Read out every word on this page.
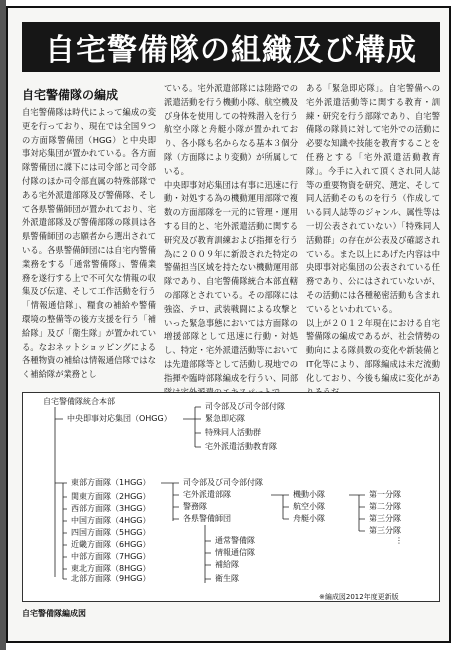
自宅警備隊の組織及び構成
自宅警備隊の編成
自宅警備隊は時代によって編成の変更を行っており、現在では全国９つの方面隊警備団（HGG）と中央即事対応集団が置かれている。各方面隊警備団に諜下には司令部と司令部付隊のほか司令部直属の特殊部隊である宅外派遣部隊及び警備隊、そして各県警備師団が置かれており、宅外派遣部隊及び警備部隊の隊員は各県警備師団の志願者から選出されている。各県警備師団には自宅内警備業務をする「通常警備隊」、警備業務を遂行する上で不可欠な情報の収集及び伝達、そして工作活動を行う「情報通信隊」、糧食の補給や警備環境の整備等の後方支援を行う「補給隊」及び「衛生隊」が置かれている。なおネットショッピングによる各種物資の補給は情報通信隊ではなく補給隊が業務とし
ている。宅外派遣部隊には陸路での派遣活動を行う機動小隊、航空機及び身体を使用しての特殊潜入を行う航空小隊と舟艇小隊が置かれており、各小隊も名からなる基本３個分隊（方面隊により変動）が所属している。
中央即事対応集団は有事に迅速に行動・対処する為の機動運用部隊で複数の方面部隊を一元的に管理・運用する目的と、宅外派遣活動に関する研究及び教育訓練および指揮を行う為に２００９年に新設された特定の警備担当区域を持たない機動運用部隊であり、自宅警備隊統合本部直轄の部隊とされている。その部隊には強盗、テロ、武装戦闘による攻撃といった緊急事態においては方面隊の増援部隊として迅速に行動・対処し、特定・宅外派遣活動等においては先遣部隊等として活動し現地での指揮や臨時部隊編成を行うい、同部
ある「緊急即応隊」。自宅警備への宅外派遣活動等に関する教育・訓練・研究を行う部隊であり、自宅警備隊の隊員に対して宅外での活動に必要な知識や技能を教育することを任務とする「宅外派遣活動教育隊」。今手に入れて頂くされ同人誌等の重要物資を研究、選定、そして同人活動そのものを行う（作成している同人誌等のジャンル、属性等は一切公表されていない）「特殊同人活動群」の存在が公表及び確認されている。また以上にあげた内容は中央即事対応集団の公表されている任務であり、公にはされていないが、その活動には各種秘密活動も含まれているといわれている。
以上が２０１２年現在における自宅警備隊の編成であるが、社会情勢の動向による隊員数の変化や新装備とIT化等により、部隊編成は未だ流動化しており、今後も編成に変化があ
自宅警備隊統合本部
中央即事対応集団（OHGG）
司令部及び司令部付隊
緊急即応隊
特殊同人活動群
宅外派遣活動教育隊
東部方面隊（1HGG）
関東方面隊（2HGG）
西部方面隊（3HGG）
中国方面隊（4HGG）
四国方面隊（5HGG）
近畿方面隊（6HGG）
中部方面隊（7HGG）
東北方面隊（8HGG）
北部方面隊（9HGG）
司令部及び司令部付隊
宅外派遣部隊
警務隊
各県警備師団
機動小隊
航空小隊
舟艇小隊
第一分隊
第二分隊
第三分隊
第三分隊
⋮
通常警備隊
情報通信隊
補給隊
衛生隊
※編成図2012年度更新版
自宅警備隊編成図
